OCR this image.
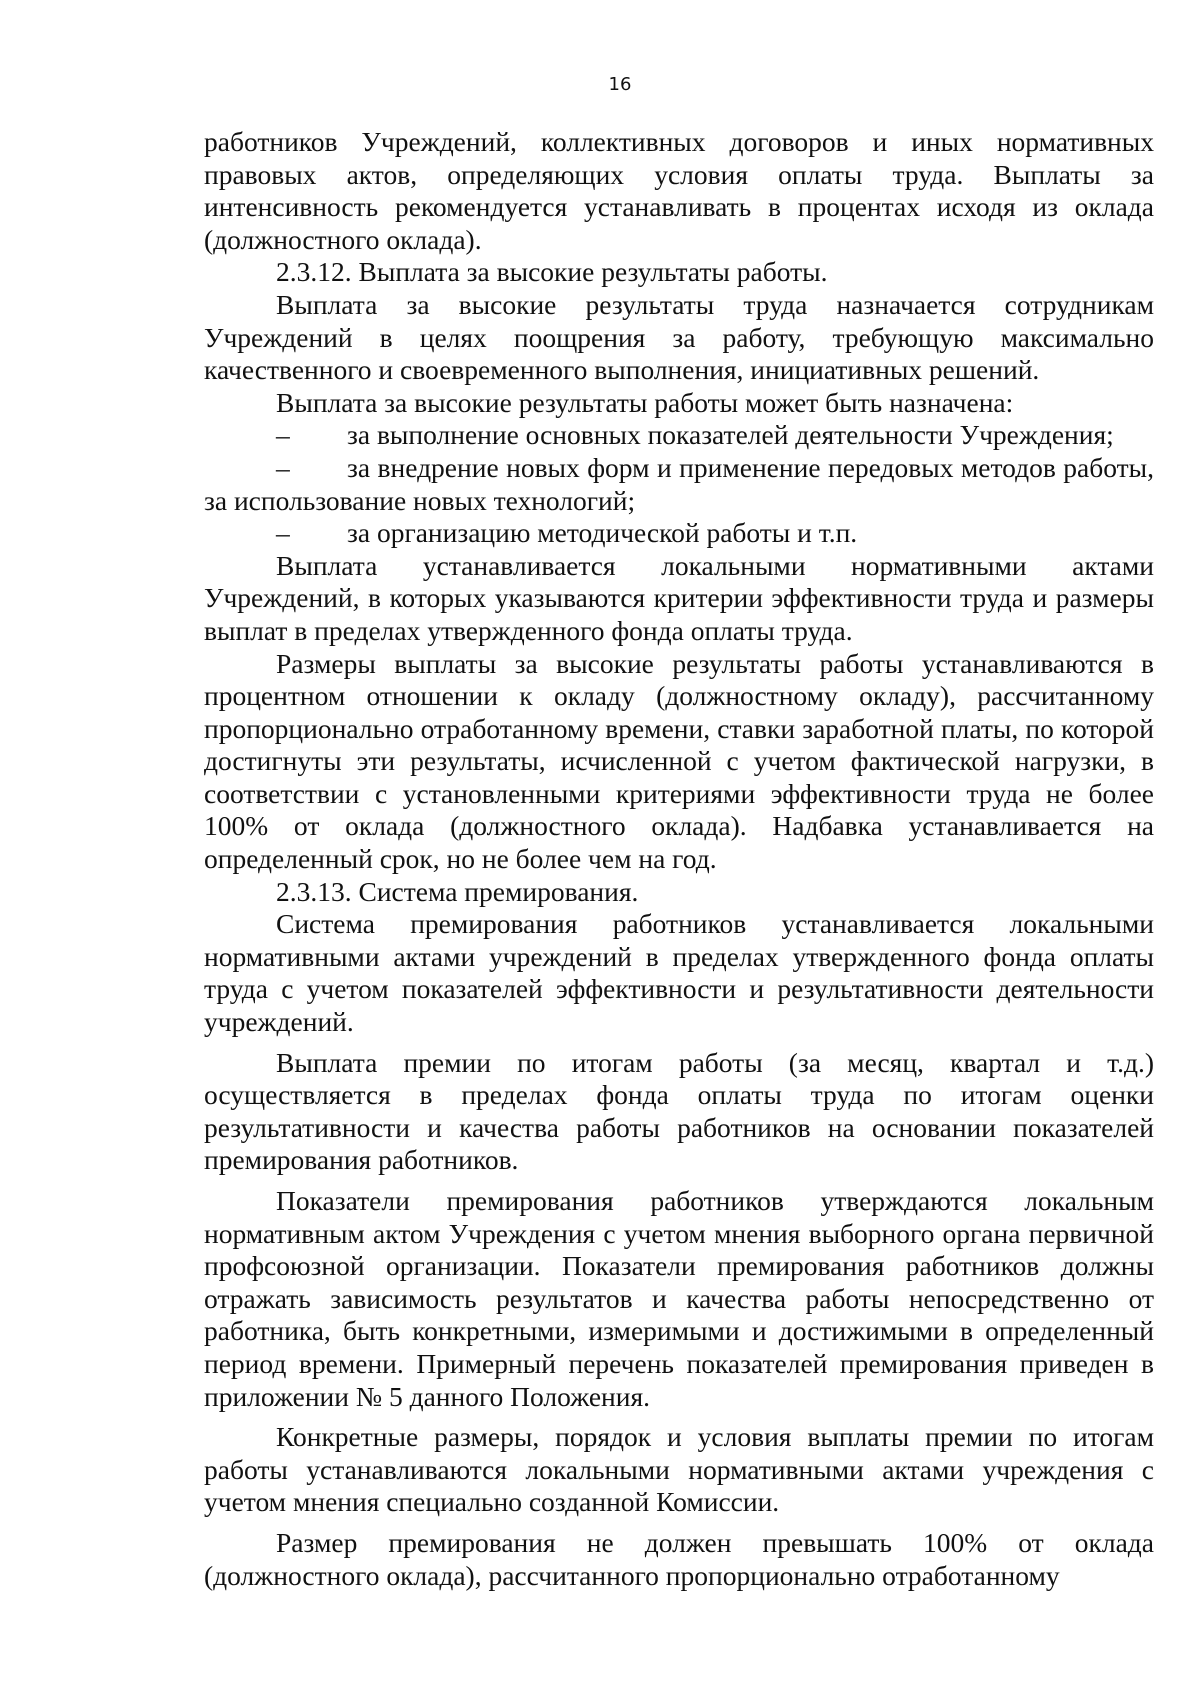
16

работников Учреждений, коллективных договоров и иных нормативных правовых актов, определяющих условия оплаты труда. Выплаты за интенсивность рекомендуется устанавливать в процентах исходя из оклада (должностного оклада).

2.3.12. Выплата за высокие результаты работы.

Выплата за высокие результаты труда назначается сотрудникам Учреждений в целях поощрения за работу, требующую максимально качественного и своевременного выполнения, инициативных решений.

Выплата за высокие результаты работы может быть назначена:

– за выполнение основных показателей деятельности Учреждения;

– за внедрение новых форм и применение передовых методов работы, за использование новых технологий;

– за организацию методической работы и т.п.

Выплата устанавливается локальными нормативными актами Учреждений, в которых указываются критерии эффективности труда и размеры выплат в пределах утвержденного фонда оплаты труда.

Размеры выплаты за высокие результаты работы устанавливаются в процентном отношении к окладу (должностному окладу), рассчитанному пропорционально отработанному времени, ставки заработной платы, по которой достигнуты эти результаты, исчисленной с учетом фактической нагрузки, в соответствии с установленными критериями эффективности труда не более 100% от оклада (должностного оклада). Надбавка устанавливается на определенный срок, но не более чем на год.

2.3.13. Система премирования.

Система премирования работников устанавливается локальными нормативными актами учреждений в пределах утвержденного фонда оплаты труда с учетом показателей эффективности и результативности деятельности учреждений.

Выплата премии по итогам работы (за месяц, квартал и т.д.) осуществляется в пределах фонда оплаты труда по итогам оценки результативности и качества работы работников на основании показателей премирования работников.

Показатели премирования работников утверждаются локальным нормативным актом Учреждения с учетом мнения выборного органа первичной профсоюзной организации. Показатели премирования работников должны отражать зависимость результатов и качества работы непосредственно от работника, быть конкретными, измеримыми и достижимыми в определенный период времени. Примерный перечень показателей премирования приведен в приложении № 5 данного Положения.

Конкретные размеры, порядок и условия выплаты премии по итогам работы устанавливаются локальными нормативными актами учреждения с учетом мнения специально созданной Комиссии.

Размер премирования не должен превышать 100% от оклада (должностного оклада), рассчитанного пропорционально отработанному
